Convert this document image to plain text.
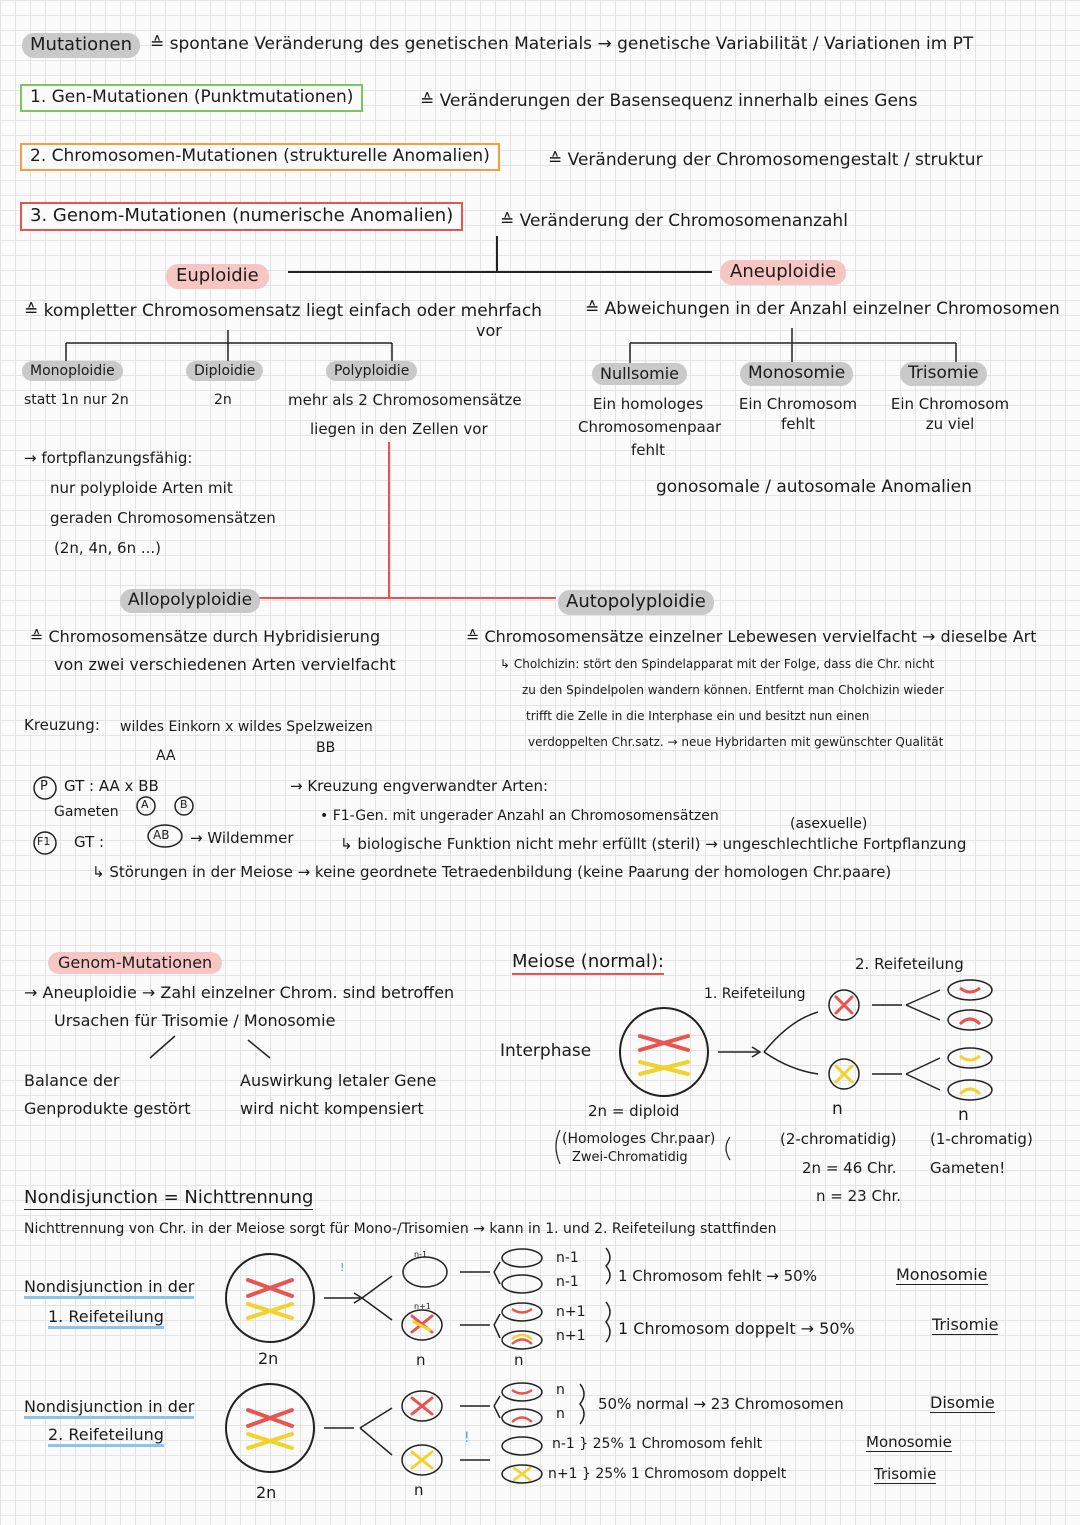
Mutationen	≙ spontane Veränderung des genetischen Materials → genetische Variabilität / Variationen im PT
1. Gen-Mutationen (Punktmutationen)	≙ Veränderungen der Basensequenz innerhalb eines Gens
2. Chromosomen-Mutationen (strukturelle Anomalien)	≙ Veränderung der Chromosomengestalt / struktur
3. Genom-Mutationen (numerische Anomalien)	≙ Veränderung der Chromosomenanzahl
Euploidie
≙ kompletter Chromosomensatz liegt einfach oder mehrfach
vor
Monoploidie
statt 1n nur 2n
Diploidie
2n
Polyploidie
mehr als 2 Chromosomensätze
liegen in den Zellen vor
→ fortpflanzungsfähig:
nur polyploide Arten mit
geraden Chromosomensätzen
(2n, 4n, 6n ...)
Aneuploidie
≙ Abweichungen in der Anzahl einzelner Chromosomen
Nullsomie
Ein homologes
Chromosomenpaar
fehlt
Monosomie
Ein Chromosom
fehlt
Trisomie
Ein Chromosom
zu viel
gonosomale / autosomale Anomalien
Allopolyploidie
≙ Chromosomensätze durch Hybridisierung
von zwei verschiedenen Arten vervielfacht
Autopolyploidie
≙ Chromosomensätze einzelner Lebewesen vervielfacht → dieselbe Art
↳ Cholchizin: stört den Spindelapparat mit der Folge, dass die Chr. nicht
zu den Spindelpolen wandern können. Entfernt man Cholchizin wieder
trifft die Zelle in die Interphase ein und besitzt nun einen
verdoppelten Chr.satz. → neue Hybridarten mit gewünschter Qualität
Kreuzung: wildes Einkorn x wildes Spelzweizen
AA	BB
P GT : AA x BB
Gameten A	B
F1 GT :	AB → Wildemmer
→ Kreuzung engverwandter Arten:
• F1-Gen. mit ungerader Anzahl an Chromosomensätzen	(asexuelle)
↳ biologische Funktion nicht mehr erfüllt (steril) → ungeschlechtliche Fortpflanzung
↳ Störungen in der Meiose → keine geordnete Tetraedenbildung (keine Paarung der homologen Chr.paare)
Genom-Mutationen
→ Aneuploidie → Zahl einzelner Chrom. sind betroffen
Ursachen für Trisomie / Monosomie
Balance der
Genprodukte gestört
Auswirkung letaler Gene
wird nicht kompensiert
Meiose (normal):	2. Reifeteilung
1. Reifeteilung
Interphase
2n = diploid
(Homologes Chr.paar)
Zwei-Chromatidig
n	n
(2-chromatidig) (1-chromatig)
2n = 46 Chr. Gameten!
n = 23 Chr.
Nondisjunction = Nichttrennung
Nichttrennung von Chr. in der Meiose sorgt für Mono-/Trisomien → kann in 1. und 2. Reifeteilung stattfinden
Nondisjunction in der
1. Reifeteilung
2n	n	n
!
n-1
n+1
n-1
n-1
n+1
n+1
1 Chromosom fehlt → 50%	Monosomie
1 Chromosom doppelt → 50%	Trisomie
Nondisjunction in der
2. Reifeteilung
2n	n
!
n
n
50% normal → 23 Chromosomen	Disomie
n-1 } 25% 1 Chromosom fehlt	Monosomie
n+1 } 25% 1 Chromosom doppelt	Trisomie
